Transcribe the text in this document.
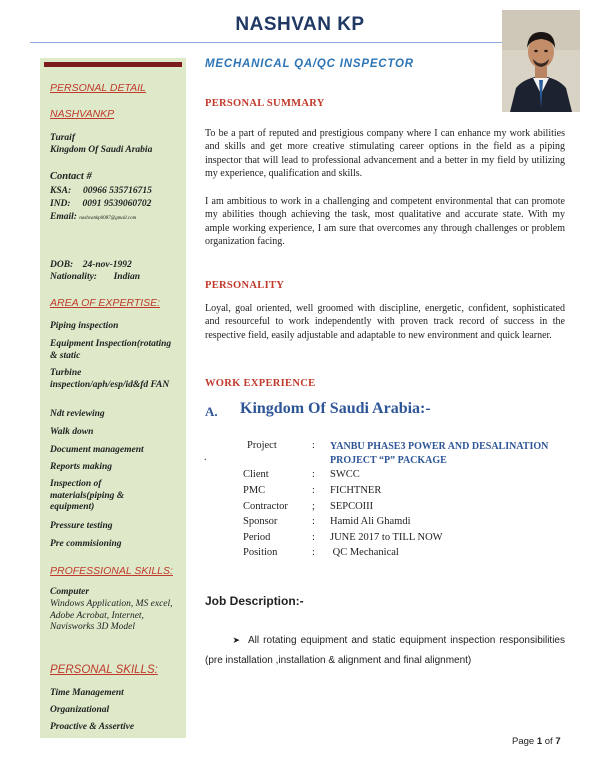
NASHVAN KP
PERSONAL DETAIL
NASHVANKP
Turaif
Kingdom Of Saudi Arabia
Contact #
KSA:     00966 535716715
IND:     0091 9539060702
Email: nashvankp0087@gmail.com
DOB:    24-nov-1992
Nationality:       Indian
AREA OF EXPERTISE:
Piping inspection
Equipment Inspection(rotating & static
Turbine inspection/aph/esp/id&fd FAN
Ndt reviewing
Walk down
Document management
Reports making
Inspection of materials(piping & equipment)
Pressure testing
Pre commisioning
PROFESSIONAL SKILLS:
Computer
Windows Application, MS excel, Adobe Acrobat, Internet, Navisworks 3D Model
PERSONAL SKILLS:
Time Management
Organizational
Proactive & Assertive
MECHANICAL QA/QC INSPECTOR
PERSONAL SUMMARY
To be a part of reputed and prestigious company where I can enhance my work abilities and skills and get more creative stimulating career options in the field as a piping inspector that will lead to professional advancement and a better in my field by utilizing my experience, qualification and skills.
I am ambitious to work in a challenging and competent environmental that can promote my abilities though achieving the task, most qualitative and accurate state. With my ample working experience, I am sure that overcomes any through challenges or problem organization facing.
PERSONALITY
Loyal, goal oriented, well groomed with discipline, energetic, confident, sophisticated and resourceful to work independently with proven track record of success in the respective field, easily adjustable and adaptable to new environment and quick learner.
WORK EXPERIENCE
A. Kingdom Of Saudi Arabia:-
Project	: YANBU PHASE3 POWER AND DESALINATION PROJECT “P” PACKAGE
.
Client	: SWCC
PMC	: FICHTNER
Contractor ; SEPCOIII
Sponsor	: Hamid Ali Ghamdi
Period	: JUNE 2017 to TILL NOW
Position	: QC Mechanical
Job Description:-
➤ All rotating equipment and static equipment inspection responsibilities (pre installation ,installation & alignment and final alignment)
Page 1 of 7
